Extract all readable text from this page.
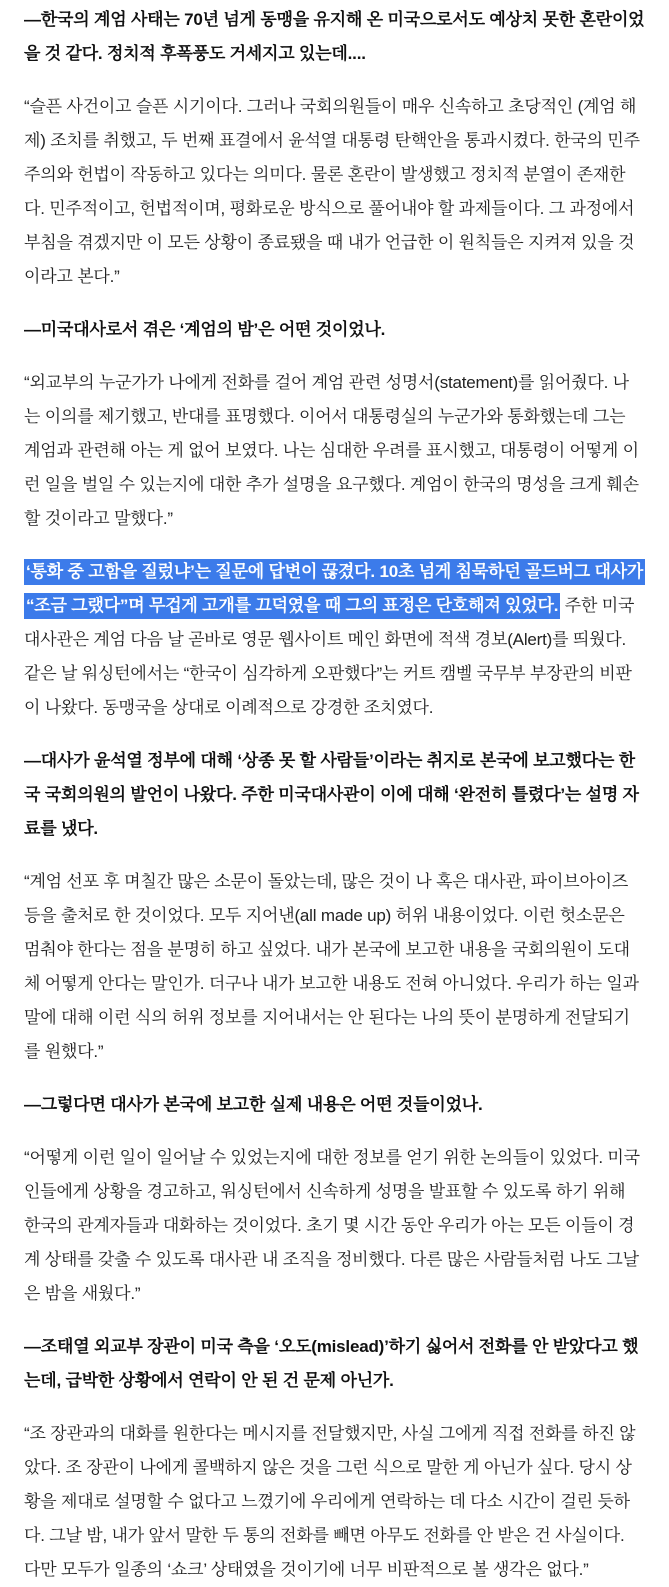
—한국의 계엄 사태는 70년 넘게 동맹을 유지해 온 미국으로서도 예상치 못한 혼란이었을 것 같다. 정치적 후폭풍도 거세지고 있는데....

“슬픈 사건이고 슬픈 시기이다. 그러나 국회의원들이 매우 신속하고 초당적인 (계엄 해제) 조치를 취했고, 두 번째 표결에서 윤석열 대통령 탄핵안을 통과시켰다. 한국의 민주주의와 헌법이 작동하고 있다는 의미다. 물론 혼란이 발생했고 정치적 분열이 존재한다. 민주적이고, 헌법적이며, 평화로운 방식으로 풀어내야 할 과제들이다. 그 과정에서 부침을 겪겠지만 이 모든 상황이 종료됐을 때 내가 언급한 이 원칙들은 지켜져 있을 것이라고 본다.”

—미국대사로서 겪은 ‘계엄의 밤’은 어떤 것이었나.

“외교부의 누군가가 나에게 전화를 걸어 계엄 관련 성명서(statement)를 읽어줬다. 나는 이의를 제기했고, 반대를 표명했다. 이어서 대통령실의 누군가와 통화했는데 그는 계엄과 관련해 아는 게 없어 보였다. 나는 심대한 우려를 표시했고, 대통령이 어떻게 이런 일을 벌일 수 있는지에 대한 추가 설명을 요구했다. 계엄이 한국의 명성을 크게 훼손할 것이라고 말했다.”

‘통화 중 고함을 질렀냐’는 질문에 답변이 끊겼다. 10초 넘게 침묵하던 골드버그 대사가 “조금 그랬다”며 무겁게 고개를 끄덕였을 때 그의 표정은 단호해져 있었다. 주한 미국대사관은 계엄 다음 날 곧바로 영문 웹사이트 메인 화면에 적색 경보(Alert)를 띄웠다. 같은 날 워싱턴에서는 “한국이 심각하게 오판했다”는 커트 캠벨 국무부 부장관의 비판이 나왔다. 동맹국을 상대로 이례적으로 강경한 조치였다.

—대사가 윤석열 정부에 대해 ‘상종 못 할 사람들’이라는 취지로 본국에 보고했다는 한국 국회의원의 발언이 나왔다. 주한 미국대사관이 이에 대해 ‘완전히 틀렸다’는 설명 자료를 냈다.

“계엄 선포 후 며칠간 많은 소문이 돌았는데, 많은 것이 나 혹은 대사관, 파이브아이즈 등을 출처로 한 것이었다. 모두 지어낸(all made up) 허위 내용이었다. 이런 헛소문은 멈춰야 한다는 점을 분명히 하고 싶었다. 내가 본국에 보고한 내용을 국회의원이 도대체 어떻게 안다는 말인가. 더구나 내가 보고한 내용도 전혀 아니었다. 우리가 하는 일과 말에 대해 이런 식의 허위 정보를 지어내서는 안 된다는 나의 뜻이 분명하게 전달되기를 원했다.”

—그렇다면 대사가 본국에 보고한 실제 내용은 어떤 것들이었나.

“어떻게 이런 일이 일어날 수 있었는지에 대한 정보를 얻기 위한 논의들이 있었다. 미국인들에게 상황을 경고하고, 워싱턴에서 신속하게 성명을 발표할 수 있도록 하기 위해 한국의 관계자들과 대화하는 것이었다. 초기 몇 시간 동안 우리가 아는 모든 이들이 경계 상태를 갖출 수 있도록 대사관 내 조직을 정비했다. 다른 많은 사람들처럼 나도 그날은 밤을 새웠다.”

—조태열 외교부 장관이 미국 측을 ‘오도(mislead)’하기 싫어서 전화를 안 받았다고 했는데, 급박한 상황에서 연락이 안 된 건 문제 아닌가.

“조 장관과의 대화를 원한다는 메시지를 전달했지만, 사실 그에게 직접 전화를 하진 않았다. 조 장관이 나에게 콜백하지 않은 것을 그런 식으로 말한 게 아닌가 싶다. 당시 상황을 제대로 설명할 수 없다고 느꼈기에 우리에게 연락하는 데 다소 시간이 걸린 듯하다. 그날 밤, 내가 앞서 말한 두 통의 전화를 빼면 아무도 전화를 안 받은 건 사실이다. 다만 모두가 일종의 ‘쇼크’ 상태였을 것이기에 너무 비판적으로 볼 생각은 없다.”
